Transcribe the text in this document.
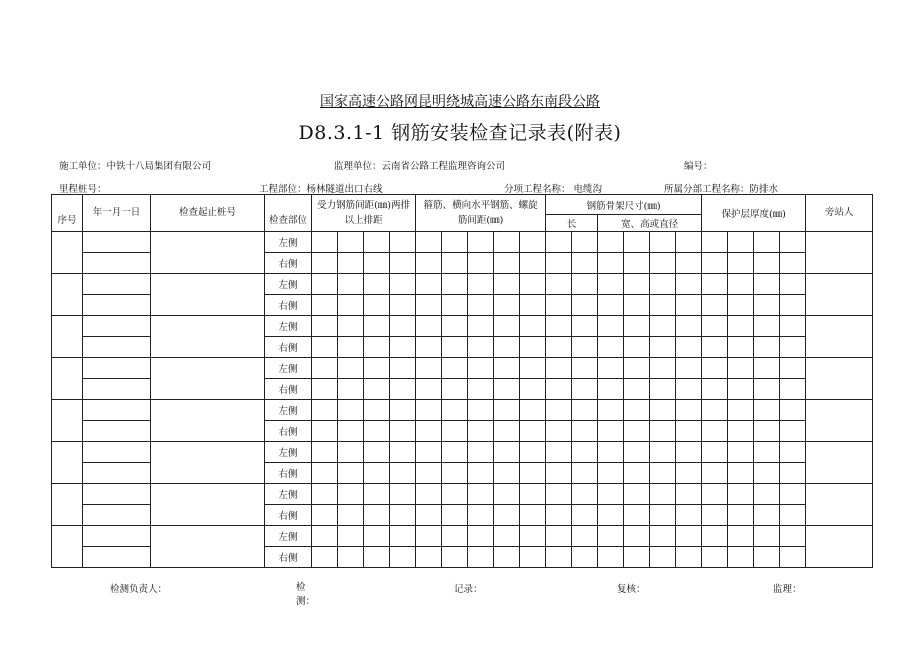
国家高速公路网昆明绕城高速公路东南段公路
D8.3.1-1 钢筋安装检查记录表(附表)
施工单位：中铁十八局集团有限公司	监理单位：云南省公路工程监理咨询公司	编号：
里程桩号：	工程部位：杨林隧道出口右线	分项工程名称： 电缆沟	所属分部工程名称：防排水
序号	年一月一日	检查起止桩号	检查部位	受力钢筋间距(㎜)两排以上排距				箍筋、横向水平钢筋、螺旋筋间距(㎜)					钢筋骨架尺寸(㎜)						保护层厚度(㎜)				旁站人
													长		宽、高或直径								
			左侧																				
			右侧																				
			左侧																				
			右侧																				
			左侧																				
			右侧																				
			左侧																				
			右侧																				
			左侧																				
			右侧																				
			左侧																				
			右侧																				
			左侧																				
			右侧																				
			左侧																				
			右侧																				
检测负责人：	检测：
记录：	复核：	监理：
